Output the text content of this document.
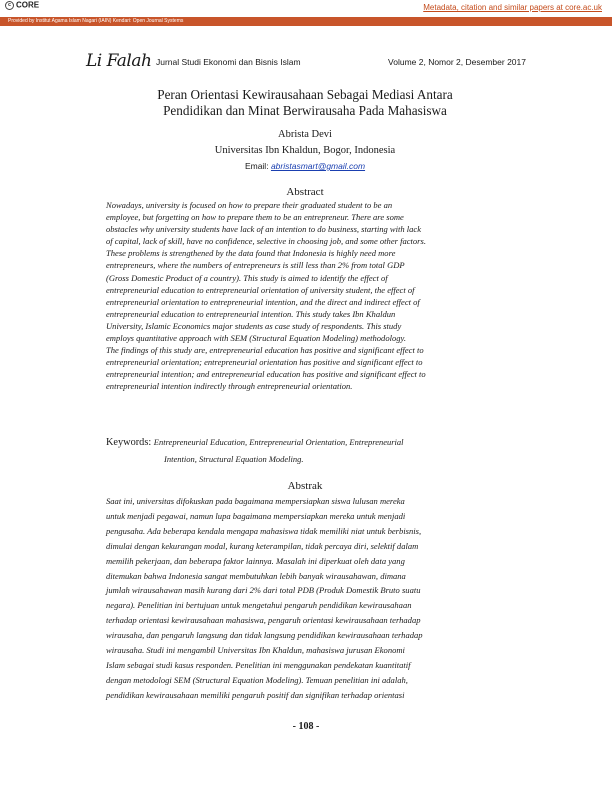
c CORE	Metadata, citation and similar papers at core.ac.uk
Provided by Institut Agama Islam Nagari (IAIN) Kendari: Open Journal Systems
Li Falah Jurnal Studi Ekonomi dan Bisnis Islam	Volume 2, Nomor 2, Desember 2017
Peran Orientasi Kewirausahaan Sebagai Mediasi Antara
Pendidikan dan Minat Berwirausaha Pada Mahasiswa
Abrista Devi
Universitas Ibn Khaldun, Bogor, Indonesia
Email: abristasmart@gmail.com
Abstract
Nowadays, university is focused on how to prepare their graduated student to be an
employee, but forgetting on how to prepare them to be an entrepreneur. There are some
obstacles why university students have lack of an intention to do business, starting with lack
of capital, lack of skill, have no confidence, selective in choosing job, and some other factors.
These problems is strengthened by the data found that Indonesia is highly need more
entrepreneurs, where the numbers of entrepreneurs is still less than 2% from total GDP
(Gross Domestic Product of a country). This study is aimed to identify the effect of
entrepreneurial education to entrepreneurial orientation of university student, the effect of
entrepreneurial orientation to entrepreneurial intention, and the direct and indirect effect of
entrepreneurial education to entrepreneurial intention. This study takes Ibn Khaldun
University, Islamic Economics major students as case study of respondents. This study
employs quantitative approach with SEM (Structural Equation Modeling) methodology.
The findings of this study are, entrepreneurial education has positive and significant effect to
entrepreneurial orientation; entrepreneurial orientation has positive and significant effect to
entrepreneurial intention; and entrepreneurial education has positive and significant effect to
entrepreneurial intention indirectly through entrepreneurial orientation.
Keywords: Entrepreneurial Education, Entrepreneurial Orientation, Entrepreneurial
Intention, Structural Equation Modeling.
Abstrak
Saat ini, universitas difokuskan pada bagaimana mempersiapkan siswa lulusan mereka
untuk menjadi pegawai, namun lupa bagaimana mempersiapkan mereka untuk menjadi
pengusaha. Ada beberapa kendala mengapa mahasiswa tidak memiliki niat untuk berbisnis,
dimulai dengan kekurangan modal, kurang keterampilan, tidak percaya diri, selektif dalam
memilih pekerjaan, dan beberapa faktor lainnya. Masalah ini diperkuat oleh data yang
ditemukan bahwa Indonesia sangat membutuhkan lebih banyak wirausahawan, dimana
jumlah wirausahawan masih kurang dari 2% dari total PDB (Produk Domestik Bruto suatu
negara). Penelitian ini bertujuan untuk mengetahui pengaruh pendidikan kewirausahaan
terhadap orientasi kewirausahaan mahasiswa, pengaruh orientasi kewirausahaan terhadap
wirausaha, dan pengaruh langsung dan tidak langsung pendidikan kewirausahaan terhadap
wirausaha. Studi ini mengambil Universitas Ibn Khaldun, mahasiswa jurusan Ekonomi
Islam sebagai studi kasus responden. Penelitian ini menggunakan pendekatan kuantitatif
dengan metodologi SEM (Structural Equation Modeling). Temuan penelitian ini adalah,
pendidikan kewirausahaan memiliki pengaruh positif dan signifikan terhadap orientasi
- 108 -
